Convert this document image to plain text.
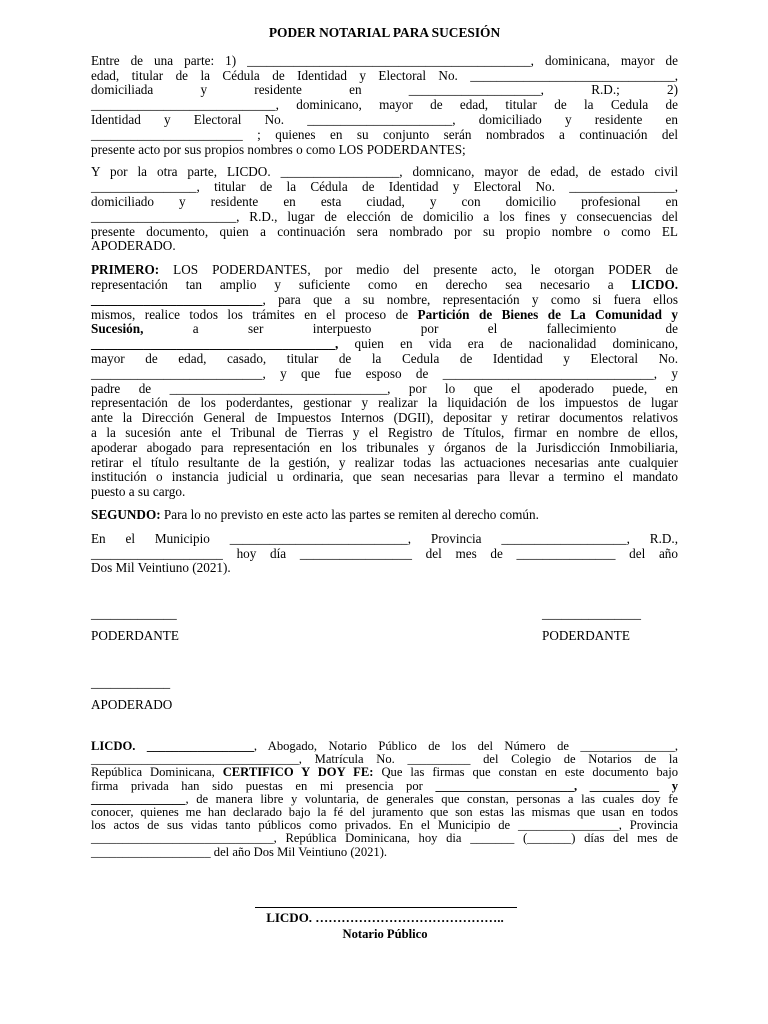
PODER NOTARIAL PARA SUCESIÓN

Entre de una parte: 1) ___________________________________________, dominicana, mayor de

edad, titular de la Cédula de Identidad y Electoral No. _______________________________,

domiciliada y residente en ____________________, R.D.; 2)

____________________________, dominicano, mayor de edad, titular de la Cedula de

Identidad y Electoral No. ______________________, domiciliado y residente en

_______________________ ; quienes en su conjunto serán nombrados a continuación del

presente acto por sus propios nombres o como LOS PODERDANTES;

Y por la otra parte, LICDO. __________________, domnicano, mayor de edad, de estado civil

________________, titular de la Cédula de Identidad y Electoral No. ________________,

domiciliado y residente en esta ciudad, y con domicilio profesional en

______________________, R.D., lugar de elección de domicilio a los fines y consecuencias del

presente documento, quien a continuación sera nombrado por su propio nombre o como EL

APODERADO.

PRIMERO: LOS PODERDANTES, por medio del presente acto, le otorgan PODER de

representación tan amplio y suficiente como en derecho sea necesario a LICDO.

__________________________, para que a su nombre, representación y como si fuera ellos

mismos, realice todos los trámites en el proceso de Partición de Bienes de La Comunidad y

Sucesión,	a ser interpuesto por el fallecimiento de

_____________________________________, quien en vida era de nacionalidad dominicano,

mayor de edad, casado, titular de la Cedula de Identidad y Electoral No.

__________________________, y que fue esposo de ________________________________, y

padre de _________________________________, por lo que el apoderado puede, en

representación de los poderdantes, gestionar y realizar la liquidación de los impuestos de lugar

ante la Dirección General de Impuestos Internos (DGII), depositar y retirar documentos relativos

a la sucesión ante el Tribunal de Tierras y el Registro de Títulos, firmar en nombre de ellos,

apoderar abogado para representación en los tribunales y órganos de la Jurisdicción Inmobiliaria,

retirar el título resultante de la gestión, y realizar todas las actuaciones necesarias ante cualquier

institución o instancia judicial u ordinaria, que sean necesarias para llevar a termino el mandato

puesto a su cargo.

SEGUNDO: Para lo no previsto en este acto las partes se remiten al derecho común.

En el Municipio ___________________________, Provincia ___________________, R.D.,

____________________ hoy día _________________ del mes de _______________ del año

Dos Mil Veintiuno (2021).

_____________	_______________
PODERDANTE	PODERDANTE
____________
APODERADO

LICDO. _________________, Abogado, Notario Público de los del Número de _______________,

_________________________________, Matrícula No. __________ del Colegio de Notarios de la

República Dominicana, CERTIFICO Y DOY FE: Que las firmas que constan en este documento bajo

firma privada han sido puestas en mi presencia por ______________________, ___________ y

_______________, de manera libre y voluntaria, de generales que constan, personas a las cuales doy fe

conocer, quienes me han declarado bajo la fé del juramento que son estas las mismas que usan en todos

los actos de sus vidas tanto públicos como privados. En el Municipio de ________________, Provincia

_____________________________, República Dominicana, hoy dia _______ (_______) días del mes de

___________________ del año Dos Mil Veintiuno (2021).

LICDO. ……………………………………..
Notario Público
